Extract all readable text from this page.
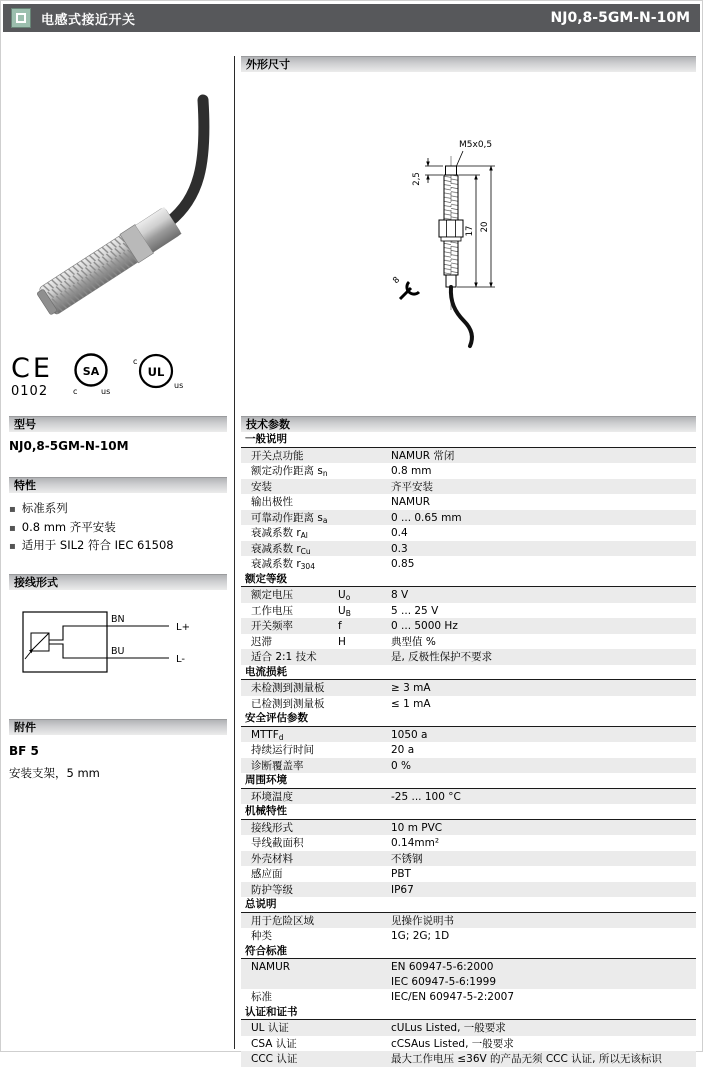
电感式接近开关	NJ0,8-5GM-N-10M
CE
0102
SA
c	us
UL
c
us
型号
NJ0,8-5GM-N-10M
特性
▪ 标准系列
▪ 0.8 mm 齐平安装
▪ 适用于 SIL2 符合 IEC 61508
接线形式
BN
BU
L+
L-
附件
BF 5
安装支架，5 mm
外形尺寸
M5x0,5
2,5
17 20
8
技术参数
一般说明
开关点功能	NAMUR 常闭
额定动作距离 $s_n$	0.8 mm
安装	齐平安装
输出极性	NAMUR
可靠动作距离 $s_a$	0 ... 0.65 mm
衰减系数 $r_{Al}$	0.4
衰减系数 $r_{Cu}$	0.3
衰减系数 $r_{304}$	0.85
额定等级
额定电压	$U_o$	8 V
工作电压	$U_B$	5 ... 25 V
开关频率	f	0 ... 5000 Hz
迟滞	H	典型值 %
适合 2:1 技术	是, 反极性保护不要求
电流损耗
未检测到测量板	≥ 3 mA
已检测到测量板	≤ 1 mA
安全评估参数
$MTTF_d$	1050 a
持续运行时间	20 a
诊断覆盖率	0 %
周围环境
环境温度	-25 ... 100 °C
机械特性
接线形式	10 m PVC
导线截面积	0.14mm²
外壳材料	不锈钢
感应面	PBT
防护等级	IP67
总说明
用于危险区域	见操作说明书
种类	1G; 2G; 1D
符合标准
NAMUR	EN 60947-5-6:2000
IEC 60947-5-6:1999
标准	IEC/EN 60947-5-2:2007
认证和证书
UL 认证	cULus Listed, 一般要求
CSA 认证	cCSAus Listed, 一般要求
CCC 认证	最大工作电压 ≤36V 的产品无须 CCC 认证, 所以无该标识
